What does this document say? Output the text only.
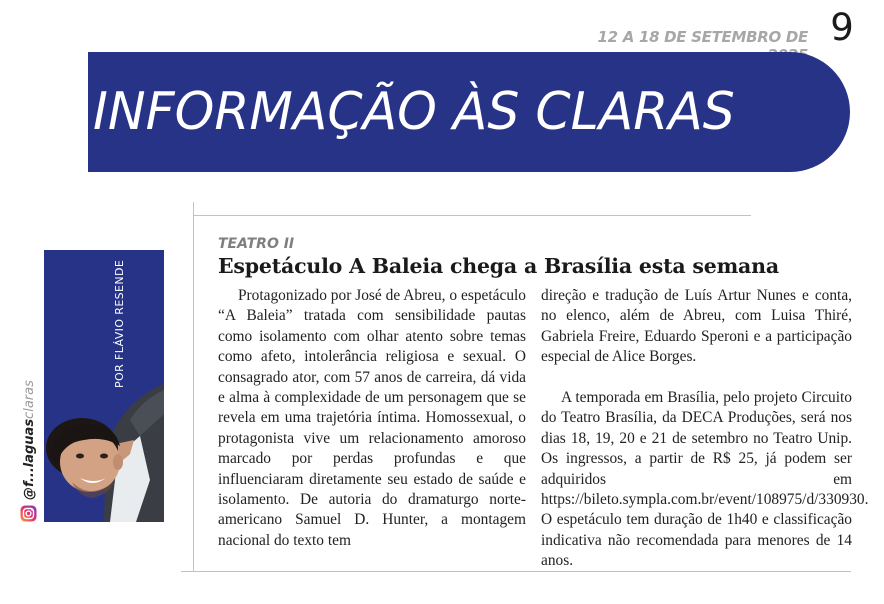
12 A 18 DE SETEMBRO DE 9
INFORMAÇÃO ÀS CLARAS
POR FLÁVIO RESENDE
@f...laguasclaras
TEATRO II
Espetáculo A Baleia chega a Brasília esta semana

Protagonizado por José de Abreu, o espetáculo “A Baleia” tratada com sensibilidade pautas como isolamento com olhar atento sobre temas como afeto, intolerância religiosa e sexual. O consagrado ator, com 57 anos de carreira, dá vida e alma à complexidade de um personagem que se revela em uma trajetória íntima. Homossexual, o protagonista vive um relacionamento amoroso marcado por perdas profundas e que influenciaram diretamente seu estado de saúde e isolamento. De autoria do dramaturgo norte-americano Samuel D. Hunter, a montagem nacional do texto tem

direção e tradução de Luís Artur Nunes e conta, no elenco, além de Abreu, com Luisa Thiré, Gabriela Freire, Eduardo Speroni e a participação especial de Alice Borges.

A temporada em Brasília, pelo projeto Circuito do Teatro Brasília, da DECA Produções, será nos dias 18, 19, 20 e 21 de setembro no Teatro Unip. Os ingressos, a partir de R$ 25, já podem ser adquiridos em https://bileto.sympla.com.br/event/108975/d/330930. O espetáculo tem duração de 1h40 e classificação indicativa não recomendada para menores de 14 anos.
